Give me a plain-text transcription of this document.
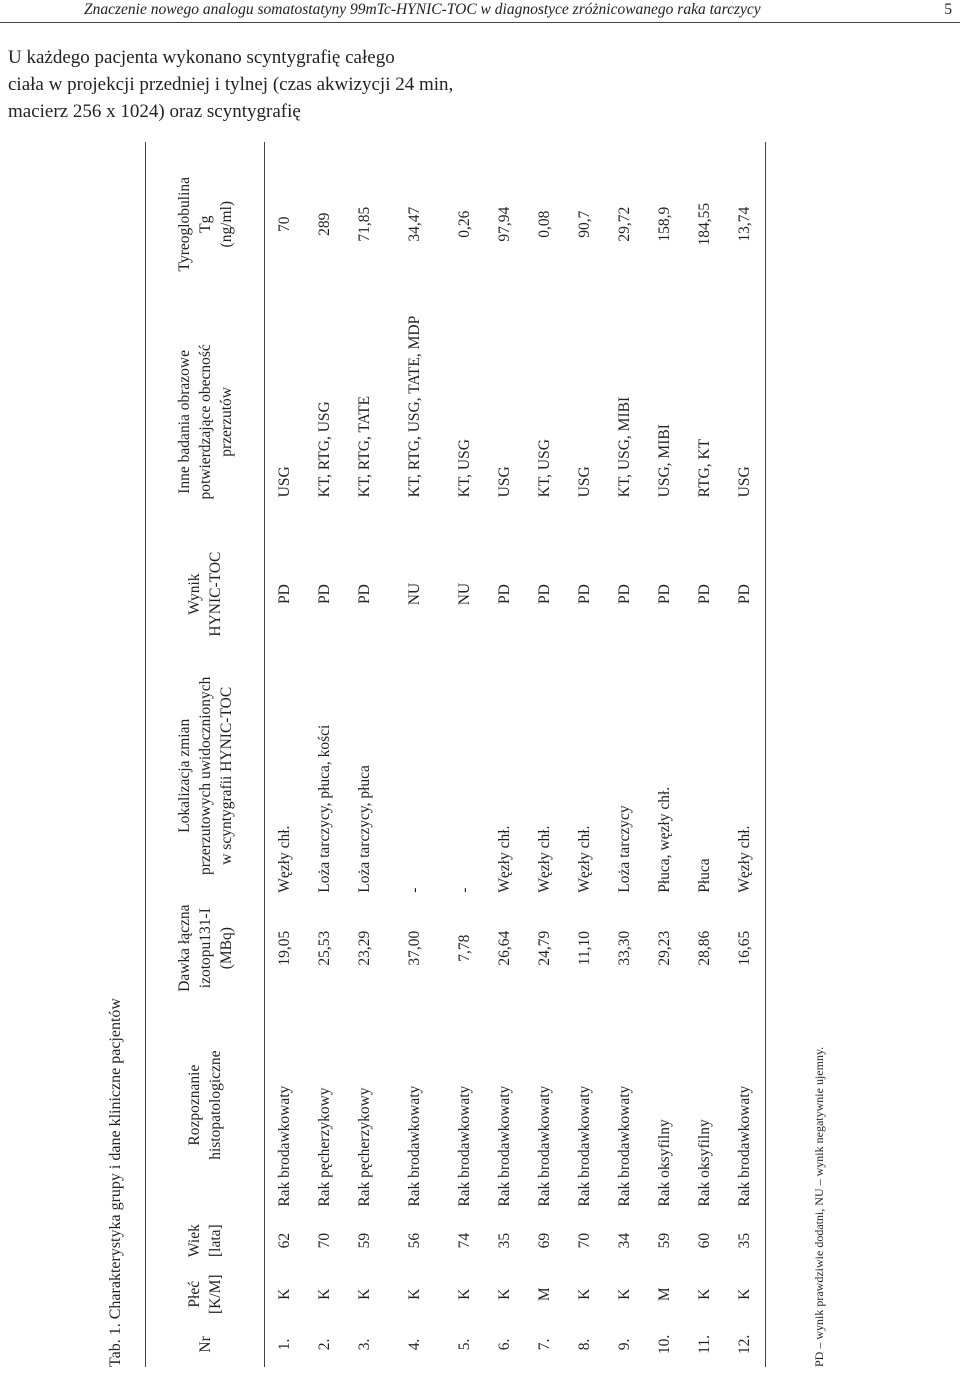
Znaczenie nowego analogu somatostatyny 99mTc-HYNIC-TOC w diagnostyce zróżnicowanego raka tarczycy	5

U każdego pacjenta wykonano scyntygrafię całego

ciała w projekcji przedniej i tylnej (czas akwizycji 24 min,

macierz 256 x 1024) oraz scyntygrafię

Tab. 1. Charakterystyka grupy i dane kliniczne pacjentów	Nr	Płeć [K/M]	Wiek [lata]	Rozpoznanie histopatologiczne	Dawka łączna izotopu131-I (MBq)	Lokalizacja zmian przerzutowych uwidocznionych w scyntygrafii HYNIC-TOC	Wynik HYNIC-TOC	Inne badania obrazowe potwierdzające obecność przerzutów	Tyreoglobulina Tg (ng/ml)
1.	K	62	Rak brodawkowaty	19,05	Węzły chł.	PD	USG	70
2.	K	70	Rak pęcherzykowy	25,53	Loża tarczycy, płuca, kości	PD	KT, RTG, USG	289
3.	K	59	Rak pęcherzykowy	23,29	Loża tarczycy, płuca	PD	KT, RTG, TATE	71,85
4.	K	56	Rak brodawkowaty	37,00	-	NU	KT, RTG, USG, TATE, MDP	34,47
5.	K	74	Rak brodawkowaty	7,78	-	NU	KT, USG	0,26
6.	K	35	Rak brodawkowaty	26,64	Węzły chł.	PD	USG	97,94
7.	M	69	Rak brodawkowaty	24,79	Węzły chł.	PD	KT, USG	0,08
8.	K	70	Rak brodawkowaty	11,10	Węzły chł.	PD	USG	90,7
9.	K	34	Rak brodawkowaty	33,30	Loża tarczycy	PD	KT, USG, MIBI	29,72
10.	M	59	Rak oksyfilny	29,23	Płuca, węzły chł.	PD	USG, MIBI	158,9
11.	K	60	Rak oksyfilny	28,86	Płuca	PD	RTG, KT	184,55
12.	K	35	Rak brodawkowaty	16,65	Węzły chł.	PD	USG	13,74
PD – wynik prawdziwie dodatni, NU – wynik negatywnie ujemny.
